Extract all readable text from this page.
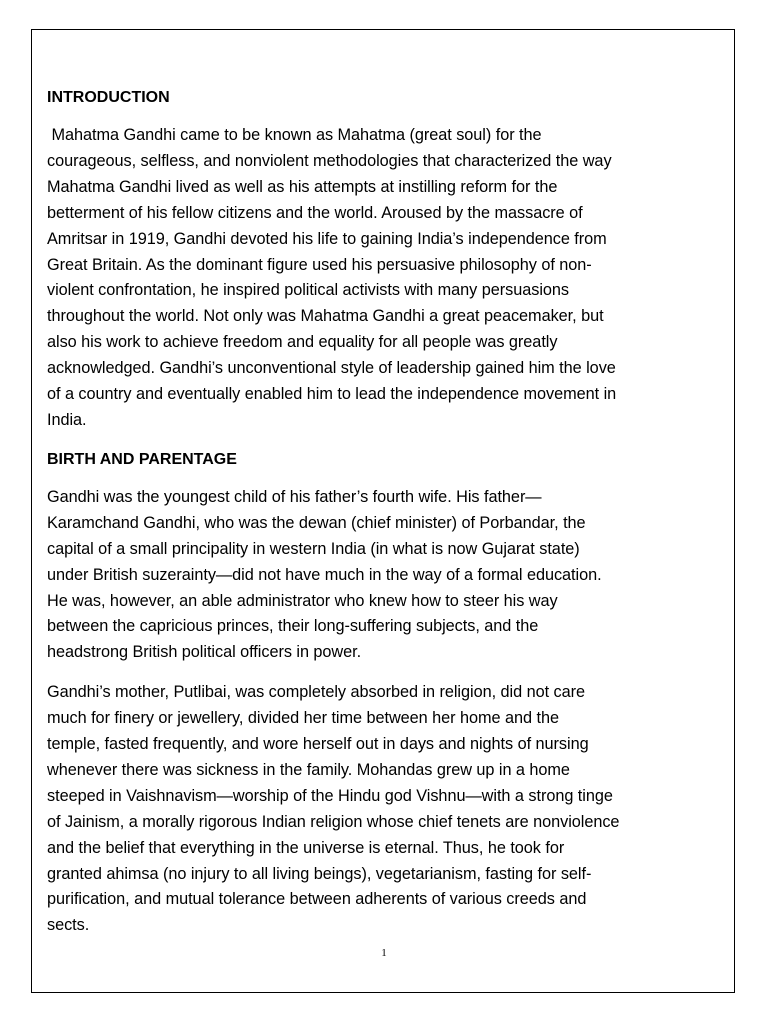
INTRODUCTION
Mahatma Gandhi came to be known as Mahatma (great soul) for the
courageous, selfless, and nonviolent methodologies that characterized the way
Mahatma Gandhi lived as well as his attempts at instilling reform for the
betterment of his fellow citizens and the world. Aroused by the massacre of
Amritsar in 1919, Gandhi devoted his life to gaining India’s independence from
Great Britain. As the dominant figure used his persuasive philosophy of non-
violent confrontation, he inspired political activists with many persuasions
throughout the world. Not only was Mahatma Gandhi a great peacemaker, but
also his work to achieve freedom and equality for all people was greatly
acknowledged. Gandhi’s unconventional style of leadership gained him the love
of a country and eventually enabled him to lead the independence movement in
India.
BIRTH AND PARENTAGE
Gandhi was the youngest child of his father’s fourth wife. His father—
Karamchand Gandhi, who was the dewan (chief minister) of Porbandar, the
capital of a small principality in western India (in what is now Gujarat state)
under British suzerainty—did not have much in the way of a formal education.
He was, however, an able administrator who knew how to steer his way
between the capricious princes, their long-suffering subjects, and the
headstrong British political officers in power.
Gandhi’s mother, Putlibai, was completely absorbed in religion, did not care
much for finery or jewellery, divided her time between her home and the
temple, fasted frequently, and wore herself out in days and nights of nursing
whenever there was sickness in the family. Mohandas grew up in a home
steeped in Vaishnavism—worship of the Hindu god Vishnu—with a strong tinge
of Jainism, a morally rigorous Indian religion whose chief tenets are nonviolence
and the belief that everything in the universe is eternal. Thus, he took for
granted ahimsa (no injury to all living beings), vegetarianism, fasting for self-
purification, and mutual tolerance between adherents of various creeds and
sects.
1
